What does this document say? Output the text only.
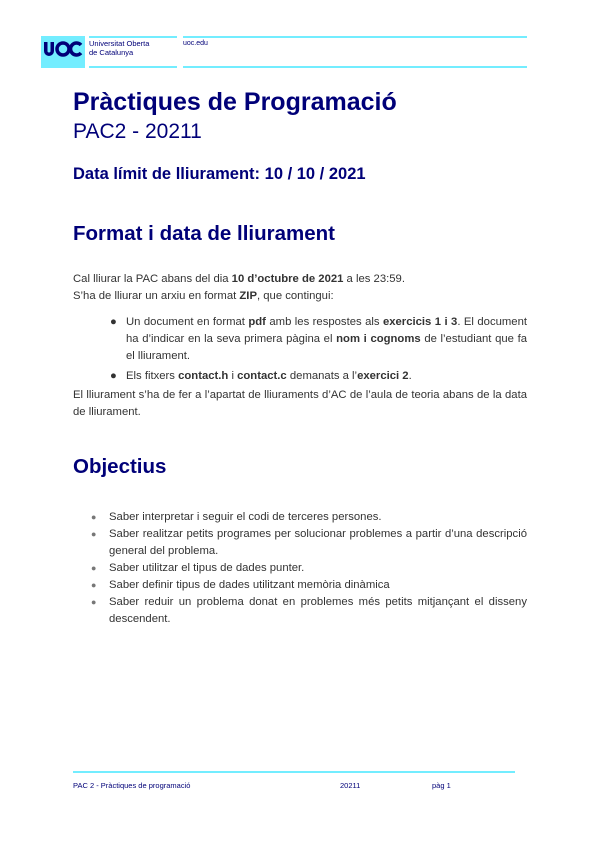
Universitat Oberta
de Catalunya
uoc.edu
Pràctiques de Programació
PAC2 - 20211
Data límit de lliurament: 10 / 10 / 2021
Format i data de lliurament

Cal lliurar la PAC abans del dia 10 d’octubre de 2021 a les 23:59.

S’ha de lliurar un arxiu en format ZIP, que contingui:

● Un document en format pdf amb les respostes als exercicis 1 i 3. El document ha d’indicar en la seva primera pàgina el nom i cognoms de l’estudiant que fa el lliurament.
● Els fitxers contact.h i contact.c demanats a l’exercici 2.
El lliurament s’ha de fer a l’apartat de lliuraments d’AC de l’aula de teoria abans de la data de lliurament.
Objectius
● Saber interpretar i seguir el codi de terceres persones.
● Saber realitzar petits programes per solucionar problemes a partir d’una descripció general del problema.
● Saber utilitzar el tipus de dades punter.
● Saber definir tipus de dades utilitzant memòria dinàmica
● Saber reduir un problema donat en problemes més petits mitjançant el disseny descendent.
PAC 2 - Pràctiques de programació	20211	pàg 1
